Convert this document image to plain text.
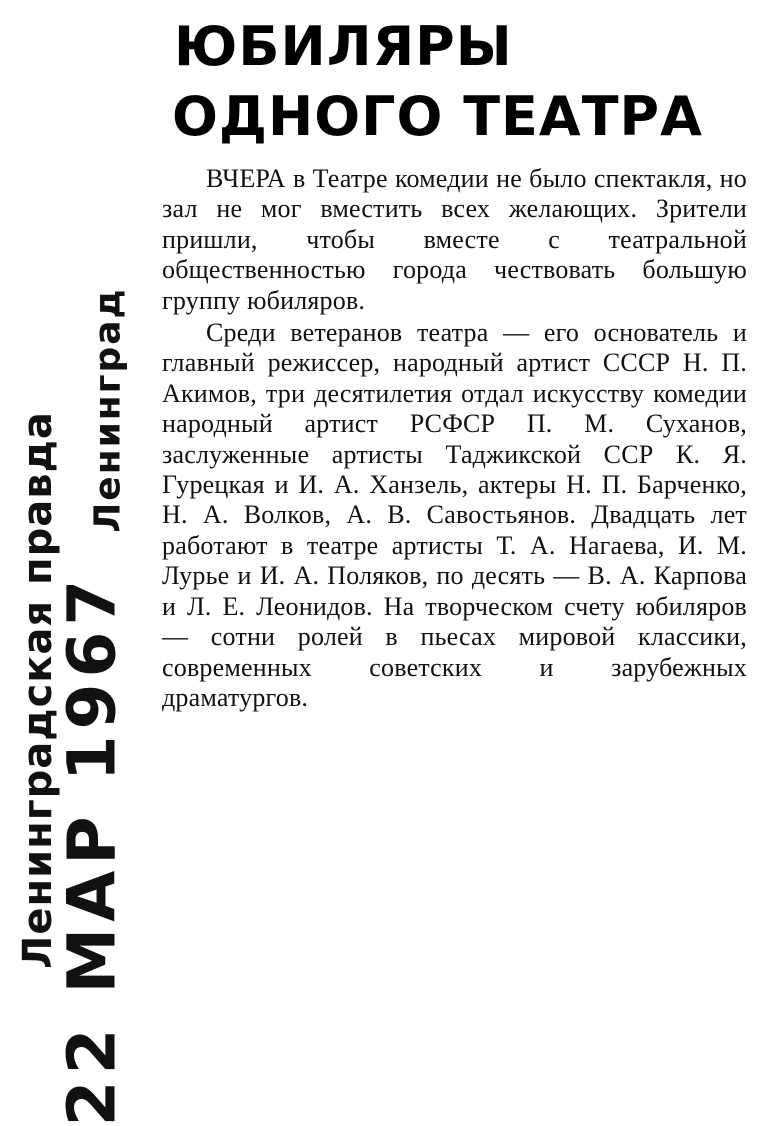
Ленинградская правда
Ленинград
22 МАР 1967
ЮБИЛЯРЫ
ОДНОГО ТЕАТРА

ВЧЕРА в Театре комедии не было спектакля, но зал не мог вместить всех желающих. Зрители пришли, чтобы вместе с театральной общественностью города чествовать большую группу юбиляров.

Среди ветеранов театра — его основатель и главный режиссер, народный артист СССР Н. П. Акимов, три десятилетия отдал искусству комедии народный артист РСФСР П. М. Суханов, заслуженные артисты Таджикской ССР К. Я. Гурецкая и И. А. Ханзель, актеры Н. П. Барченко, Н. А. Волков, А. В. Савостьянов. Двадцать лет работают в театре артисты Т. А. Нагаева, И. М. Лурье и И. А. Поляков, по десять — В. А. Карпова и Л. Е. Леонидов. На творческом счету юбиляров — сотни ролей в пьесах мировой классики, современных советских и зарубежных драматургов.
